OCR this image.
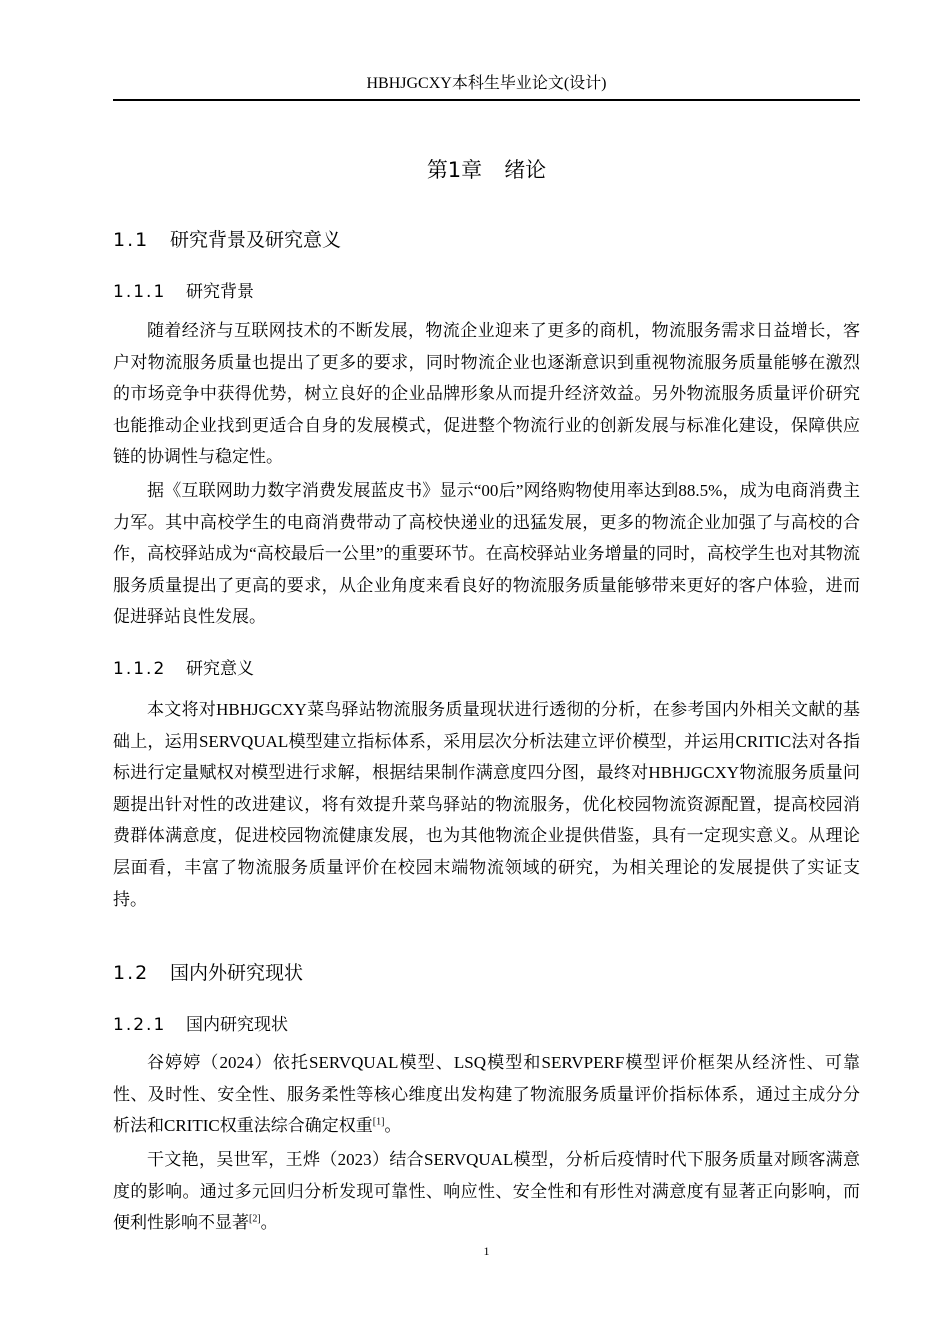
HBHJGCXY本科生毕业论文(设计)
第1章 绪论
1.1 研究背景及研究意义
1.1.1 研究背景

随着经济与互联网技术的不断发展，物流企业迎来了更多的商机，物流服务需求日益增长，客户对物流服务质量也提出了更多的要求，同时物流企业也逐渐意识到重视物流服务质量能够在激烈的市场竞争中获得优势，树立良好的企业品牌形象从而提升经济效益。另外物流服务质量评价研究也能推动企业找到更适合自身的发展模式，促进整个物流行业的创新发展与标准化建设，保障供应链的协调性与稳定性。

据《互联网助力数字消费发展蓝皮书》显示“00后”网络购物使用率达到88.5%，成为电商消费主力军。其中高校学生的电商消费带动了高校快递业的迅猛发展，更多的物流企业加强了与高校的合作，高校驿站成为“高校最后一公里”的重要环节。在高校驿站业务增量的同时，高校学生也对其物流服务质量提出了更高的要求，从企业角度来看良好的物流服务质量能够带来更好的客户体验，进而促进驿站良性发展。

1.1.2 研究意义

本文将对HBHJGCXY菜鸟驿站物流服务质量现状进行透彻的分析，在参考国内外相关文献的基础上，运用SERVQUAL模型建立指标体系，采用层次分析法建立评价模型，并运用CRITIC法对各指标进行定量赋权对模型进行求解，根据结果制作满意度四分图，最终对HBHJGCXY物流服务质量问题提出针对性的改进建议，将有效提升菜鸟驿站的物流服务，优化校园物流资源配置，提高校园消费群体满意度，促进校园物流健康发展，也为其他物流企业提供借鉴，具有一定现实意义。从理论层面看，丰富了物流服务质量评价在校园末端物流领域的研究，为相关理论的发展提供了实证支持。

1.2 国内外研究现状
1.2.1 国内研究现状

谷婷婷（2024）依托SERVQUAL模型、LSQ模型和SERVPERF模型评价框架从经济性、可靠性、及时性、安全性、服务柔性等核心维度出发构建了物流服务质量评价指标体系，通过主成分分析法和CRITIC权重法综合确定权重[1]。

干文艳，吴世军，王烨（2023）结合SERVQUAL模型，分析后疫情时代下服务质量对顾客满意度的影响。通过多元回归分析发现可靠性、响应性、安全性和有形性对满意度有显著正向影响，而便利性影响不显著[2]。

1
